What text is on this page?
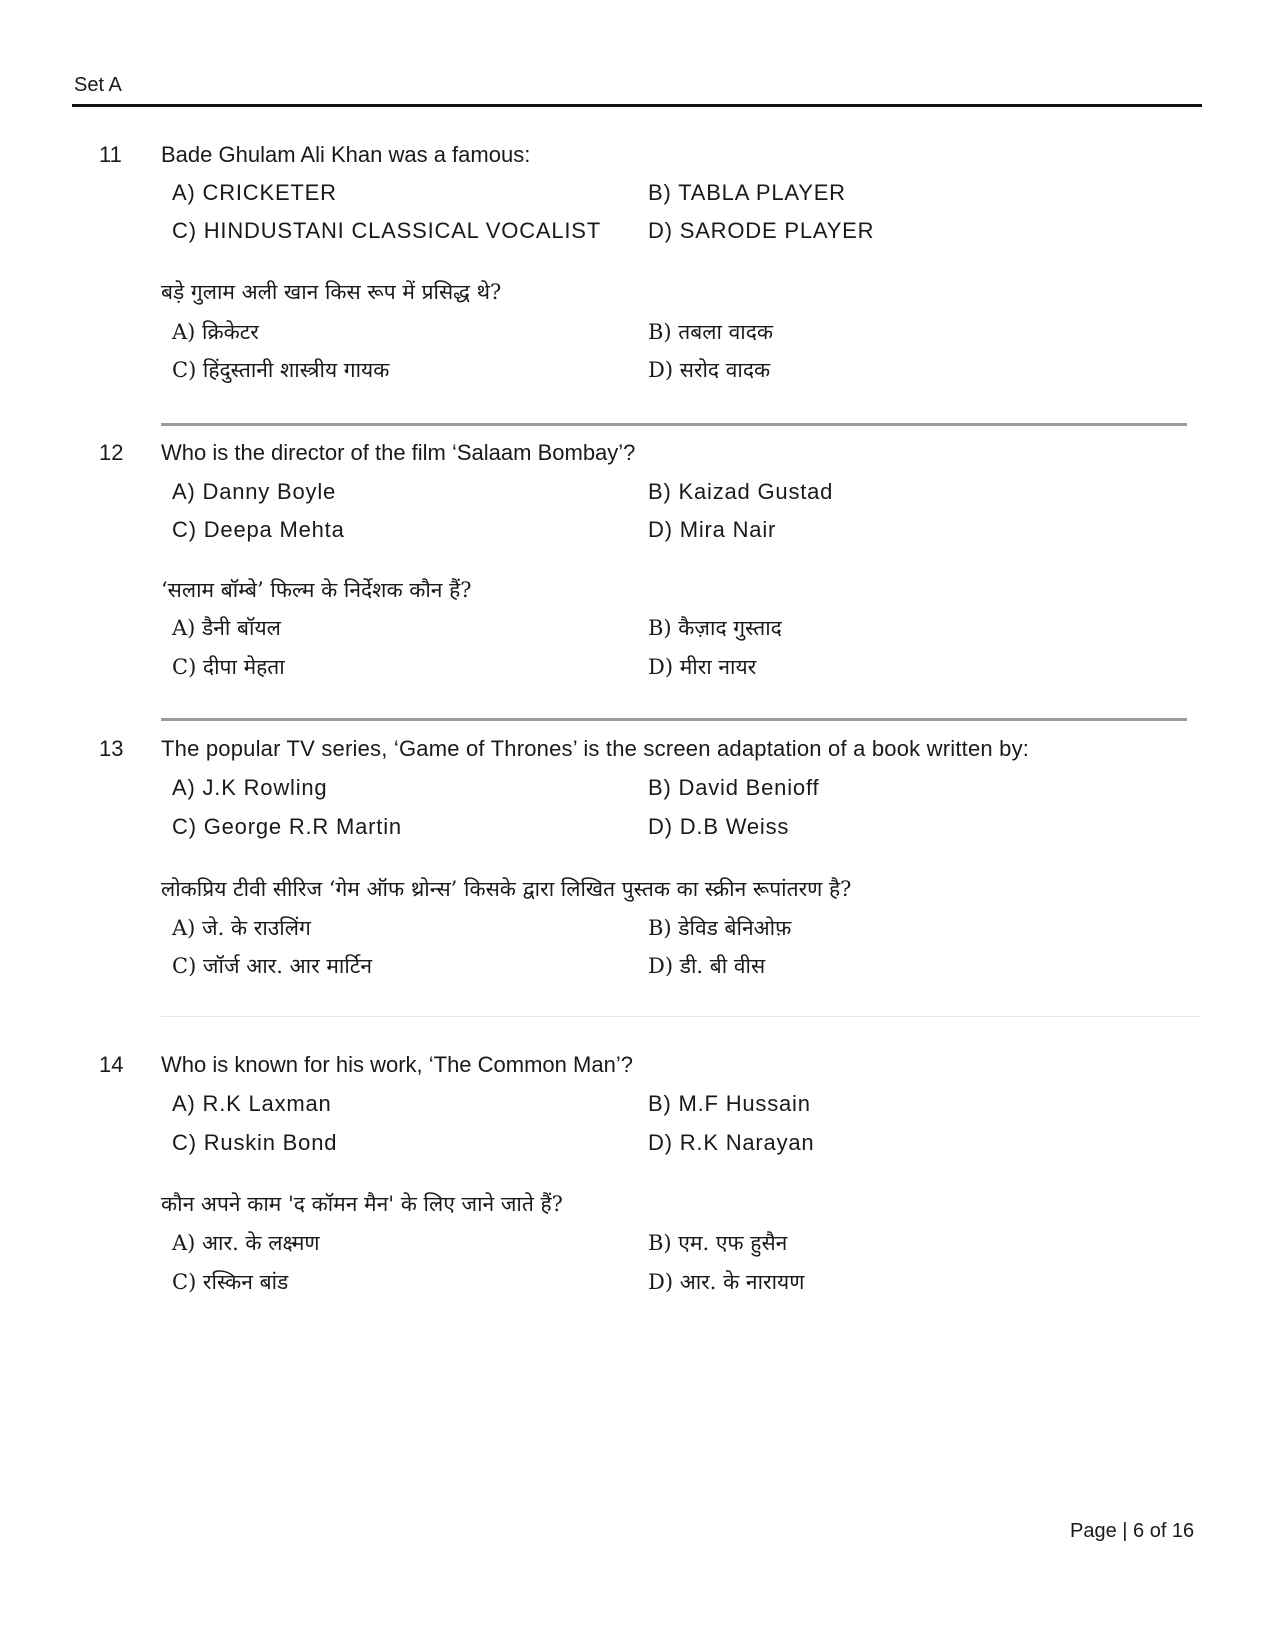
Set A
11 Bade Ghulam Ali Khan was a famous:
A) CRICKETER	B) TABLA PLAYER
C) HINDUSTANI CLASSICAL VOCALIST D) SARODE PLAYER
बड़े गुलाम अली खान किस रूप में प्रसिद्ध थे?
A) क्रिकेटर	B) तबला वादक
C) हिंदुस्तानी शास्त्रीय गायक	D) सरोद वादक
12 Who is the director of the film ‘Salaam Bombay’?
A) Danny Boyle	B) Kaizad Gustad
C) Deepa Mehta	D) Mira Nair
‘सलाम बॉम्बे’ फिल्म के निर्देशक कौन हैं?
A) डैनी बॉयल	B) कैज़ाद गुस्ताद
C) दीपा मेहता	D) मीरा नायर
13 The popular TV series, ‘Game of Thrones’ is the screen adaptation of a book written by:
A) J.K Rowling	B) David Benioff
C) George R.R Martin	D) D.B Weiss
लोकप्रिय टीवी सीरिज ‘गेम ऑफ थ्रोन्स’ किसके द्वारा लिखित पुस्तक का स्क्रीन रूपांतरण है?
A) जे. के राउलिंग	B) डेविड बेनिओफ़
C) जॉर्ज आर. आर मार्टिन	D) डी. बी वीस
14 Who is known for his work, ‘The Common Man’?
A) R.K Laxman	B) M.F Hussain
C) Ruskin Bond	D) R.K Narayan
कौन अपने काम 'द कॉमन मैन' के लिए जाने जाते हैं?
A) आर. के लक्ष्मण	B) एम. एफ हुसैन
C) रस्किन बांड	D) आर. के नारायण
Page | 6 of 16
